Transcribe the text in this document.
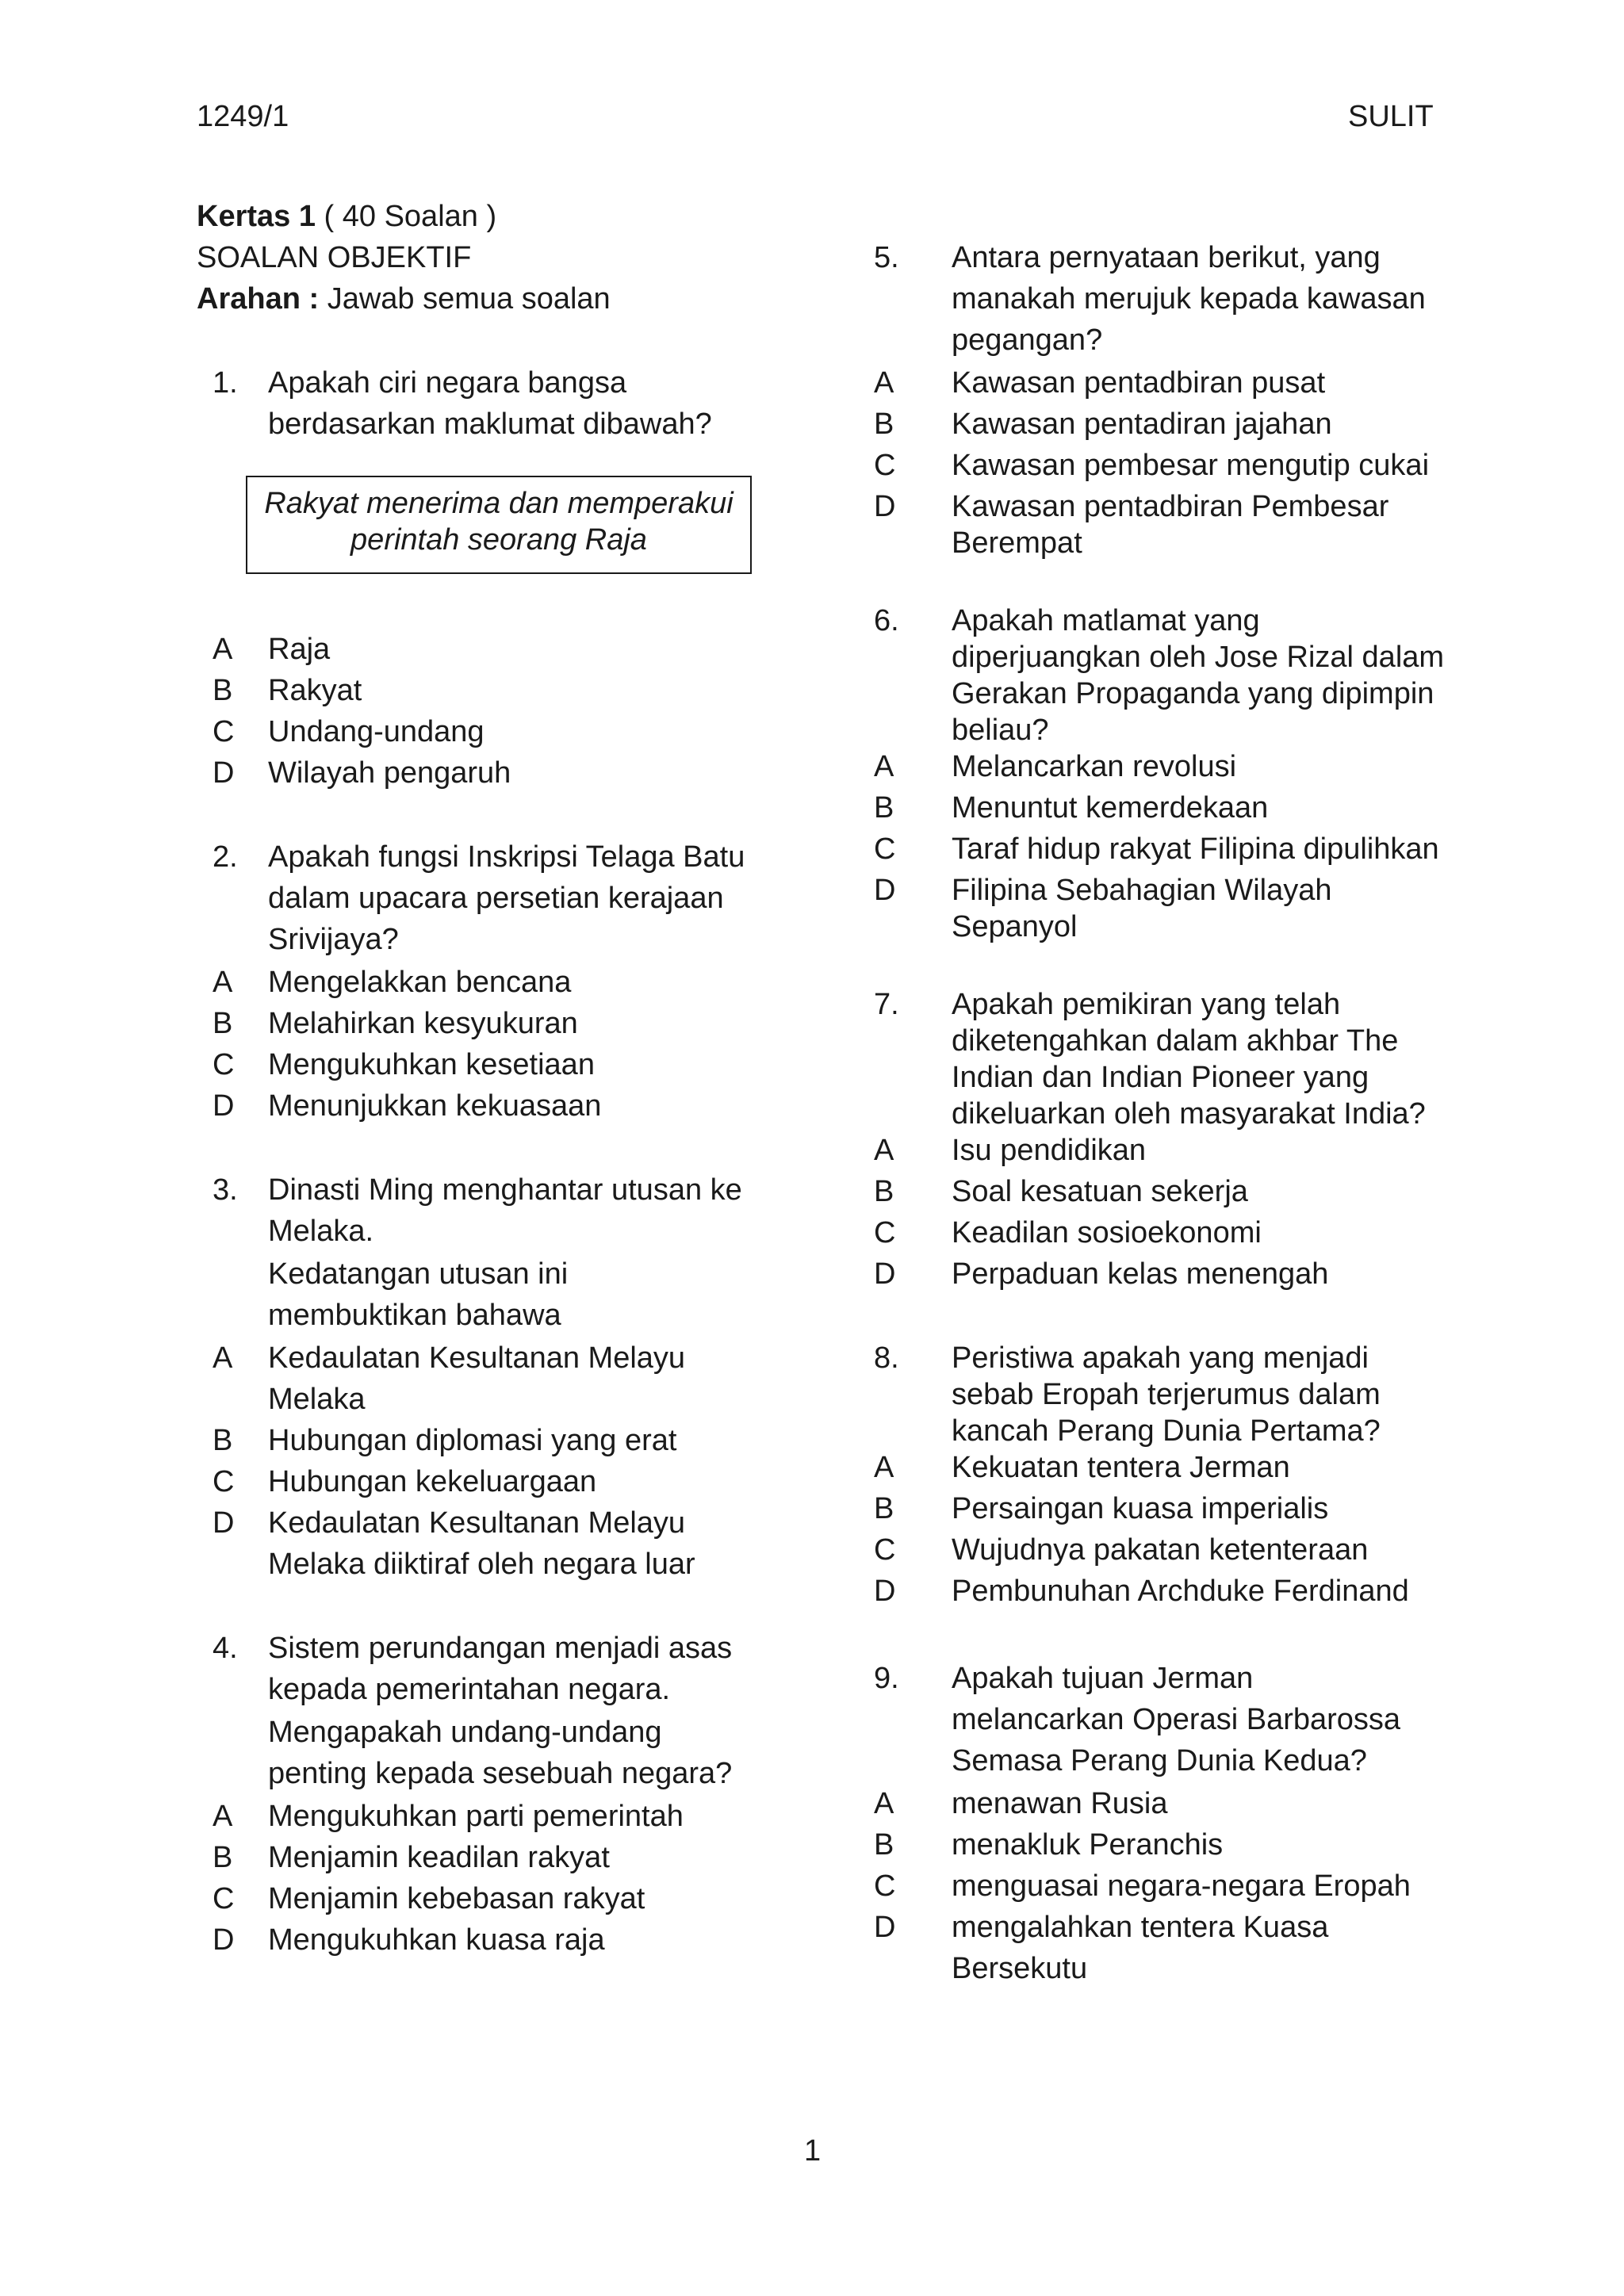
1249/1	SULIT
Kertas 1 ( 40 Soalan )
SOALAN OBJEKTIF
Arahan : Jawab semua soalan
1. Apakah ciri negara bangsa
berdasarkan maklumat dibawah?
Rakyat menerima dan memperakui
perintah seorang Raja
A Raja
B Rakyat
C Undang-undang
D Wilayah pengaruh
2. Apakah fungsi Inskripsi Telaga Batu
dalam upacara persetian kerajaan
Srivijaya?
A Mengelakkan bencana
B Melahirkan kesyukuran
C Mengukuhkan kesetiaan
D Menunjukkan kekuasaan
3. Dinasti Ming menghantar utusan ke
Melaka.
Kedatangan utusan ini
membuktikan bahawa
A Kedaulatan Kesultanan Melayu
Melaka
B Hubungan diplomasi yang erat
C Hubungan kekeluargaan
D Kedaulatan Kesultanan Melayu
Melaka diiktiraf oleh negara luar
4. Sistem perundangan menjadi asas
kepada pemerintahan negara.
Mengapakah undang-undang
penting kepada sesebuah negara?
A Mengukuhkan parti pemerintah
B Menjamin keadilan rakyat
C Menjamin kebebasan rakyat
D Mengukuhkan kuasa raja
5. Antara pernyataan berikut, yang
manakah merujuk kepada kawasan
pegangan?
A Kawasan pentadbiran pusat
B Kawasan pentadiran jajahan
C Kawasan pembesar mengutip cukai
D Kawasan pentadbiran Pembesar
Berempat
6. Apakah matlamat yang
diperjuangkan oleh Jose Rizal dalam
Gerakan Propaganda yang dipimpin
beliau?
A Melancarkan revolusi
B Menuntut kemerdekaan
C Taraf hidup rakyat Filipina dipulihkan
D Filipina Sebahagian Wilayah
Sepanyol
7. Apakah pemikiran yang telah
diketengahkan dalam akhbar The
Indian dan Indian Pioneer yang
dikeluarkan oleh masyarakat India?
A Isu pendidikan
B Soal kesatuan sekerja
C Keadilan sosioekonomi
D Perpaduan kelas menengah
8. Peristiwa apakah yang menjadi
sebab Eropah terjerumus dalam
kancah Perang Dunia Pertama?
A Kekuatan tentera Jerman
B Persaingan kuasa imperialis
C Wujudnya pakatan ketenteraan
D Pembunuhan Archduke Ferdinand
9. Apakah tujuan Jerman
melancarkan Operasi Barbarossa
Semasa Perang Dunia Kedua?
A menawan Rusia
B menakluk Peranchis
C menguasai negara-negara Eropah
D mengalahkan tentera Kuasa
Bersekutu
1
